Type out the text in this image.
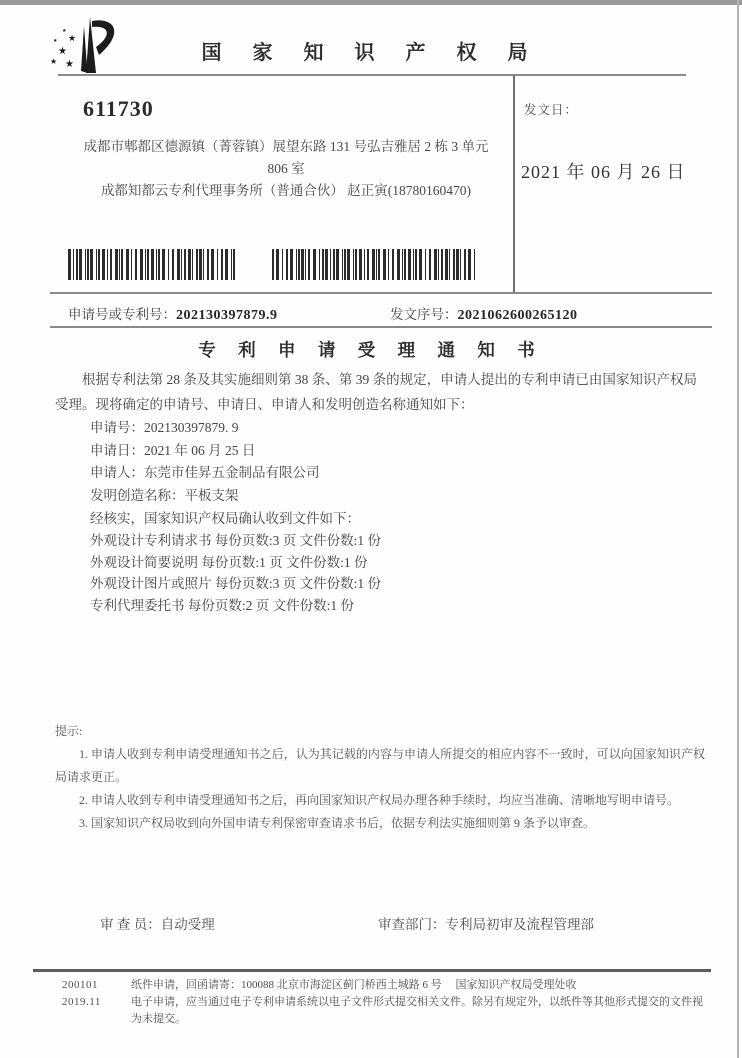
★
★ ★
★
★ ★
国 家 知 识 产 权 局
611730
成都市郫都区德源镇（菁蓉镇）展望东路 131 号弘吉雅居 2 栋 3 单元
806 室
成都知都云专利代理事务所（普通合伙） 赵正寅(18780160470)
发文日：
2021 年 06 月 26 日
申请号或专利号：202130397879.9	发文序号：2021062600265120
专 利 申 请 受 理 通 知 书
根据专利法第 28 条及其实施细则第 38 条、第 39 条的规定，申请人提出的专利申请已由国家知识产权局受理。现将确定的申请号、申请日、申请人和发明创造名称通知如下：
申请号：202130397879. 9
申请日：2021 年 06 月 25 日
申请人：东莞市佳昇五金制品有限公司
发明创造名称：平板支架
经核实，国家知识产权局确认收到文件如下：
外观设计专利请求书 每份页数:3 页 文件份数:1 份
外观设计简要说明 每份页数:1 页 文件份数:1 份
外观设计图片或照片 每份页数:3 页 文件份数:1 份
专利代理委托书 每份页数:2 页 文件份数:1 份
提示:
1. 申请人收到专利申请受理通知书之后，认为其记载的内容与申请人所提交的相应内容不一致时，可以向国家知识产权局请求更正。
2. 申请人收到专利申请受理通知书之后，再向国家知识产权局办理各种手续时，均应当准确、清晰地写明申请号。
3. 国家知识产权局收到向外国申请专利保密审查请求书后，依据专利法实施细则第 9 条予以审查。
审 查 员：自动受理	审查部门：专利局初审及流程管理部
200101	纸件申请，回函请寄：100088 北京市海淀区蓟门桥西土城路 6 号　 国家知识产权局受理处收
2019.11	电子申请，应当通过电子专利申请系统以电子文件形式提交相关文件。除另有规定外，以纸件等其他形式提交的文件视为未提交。
